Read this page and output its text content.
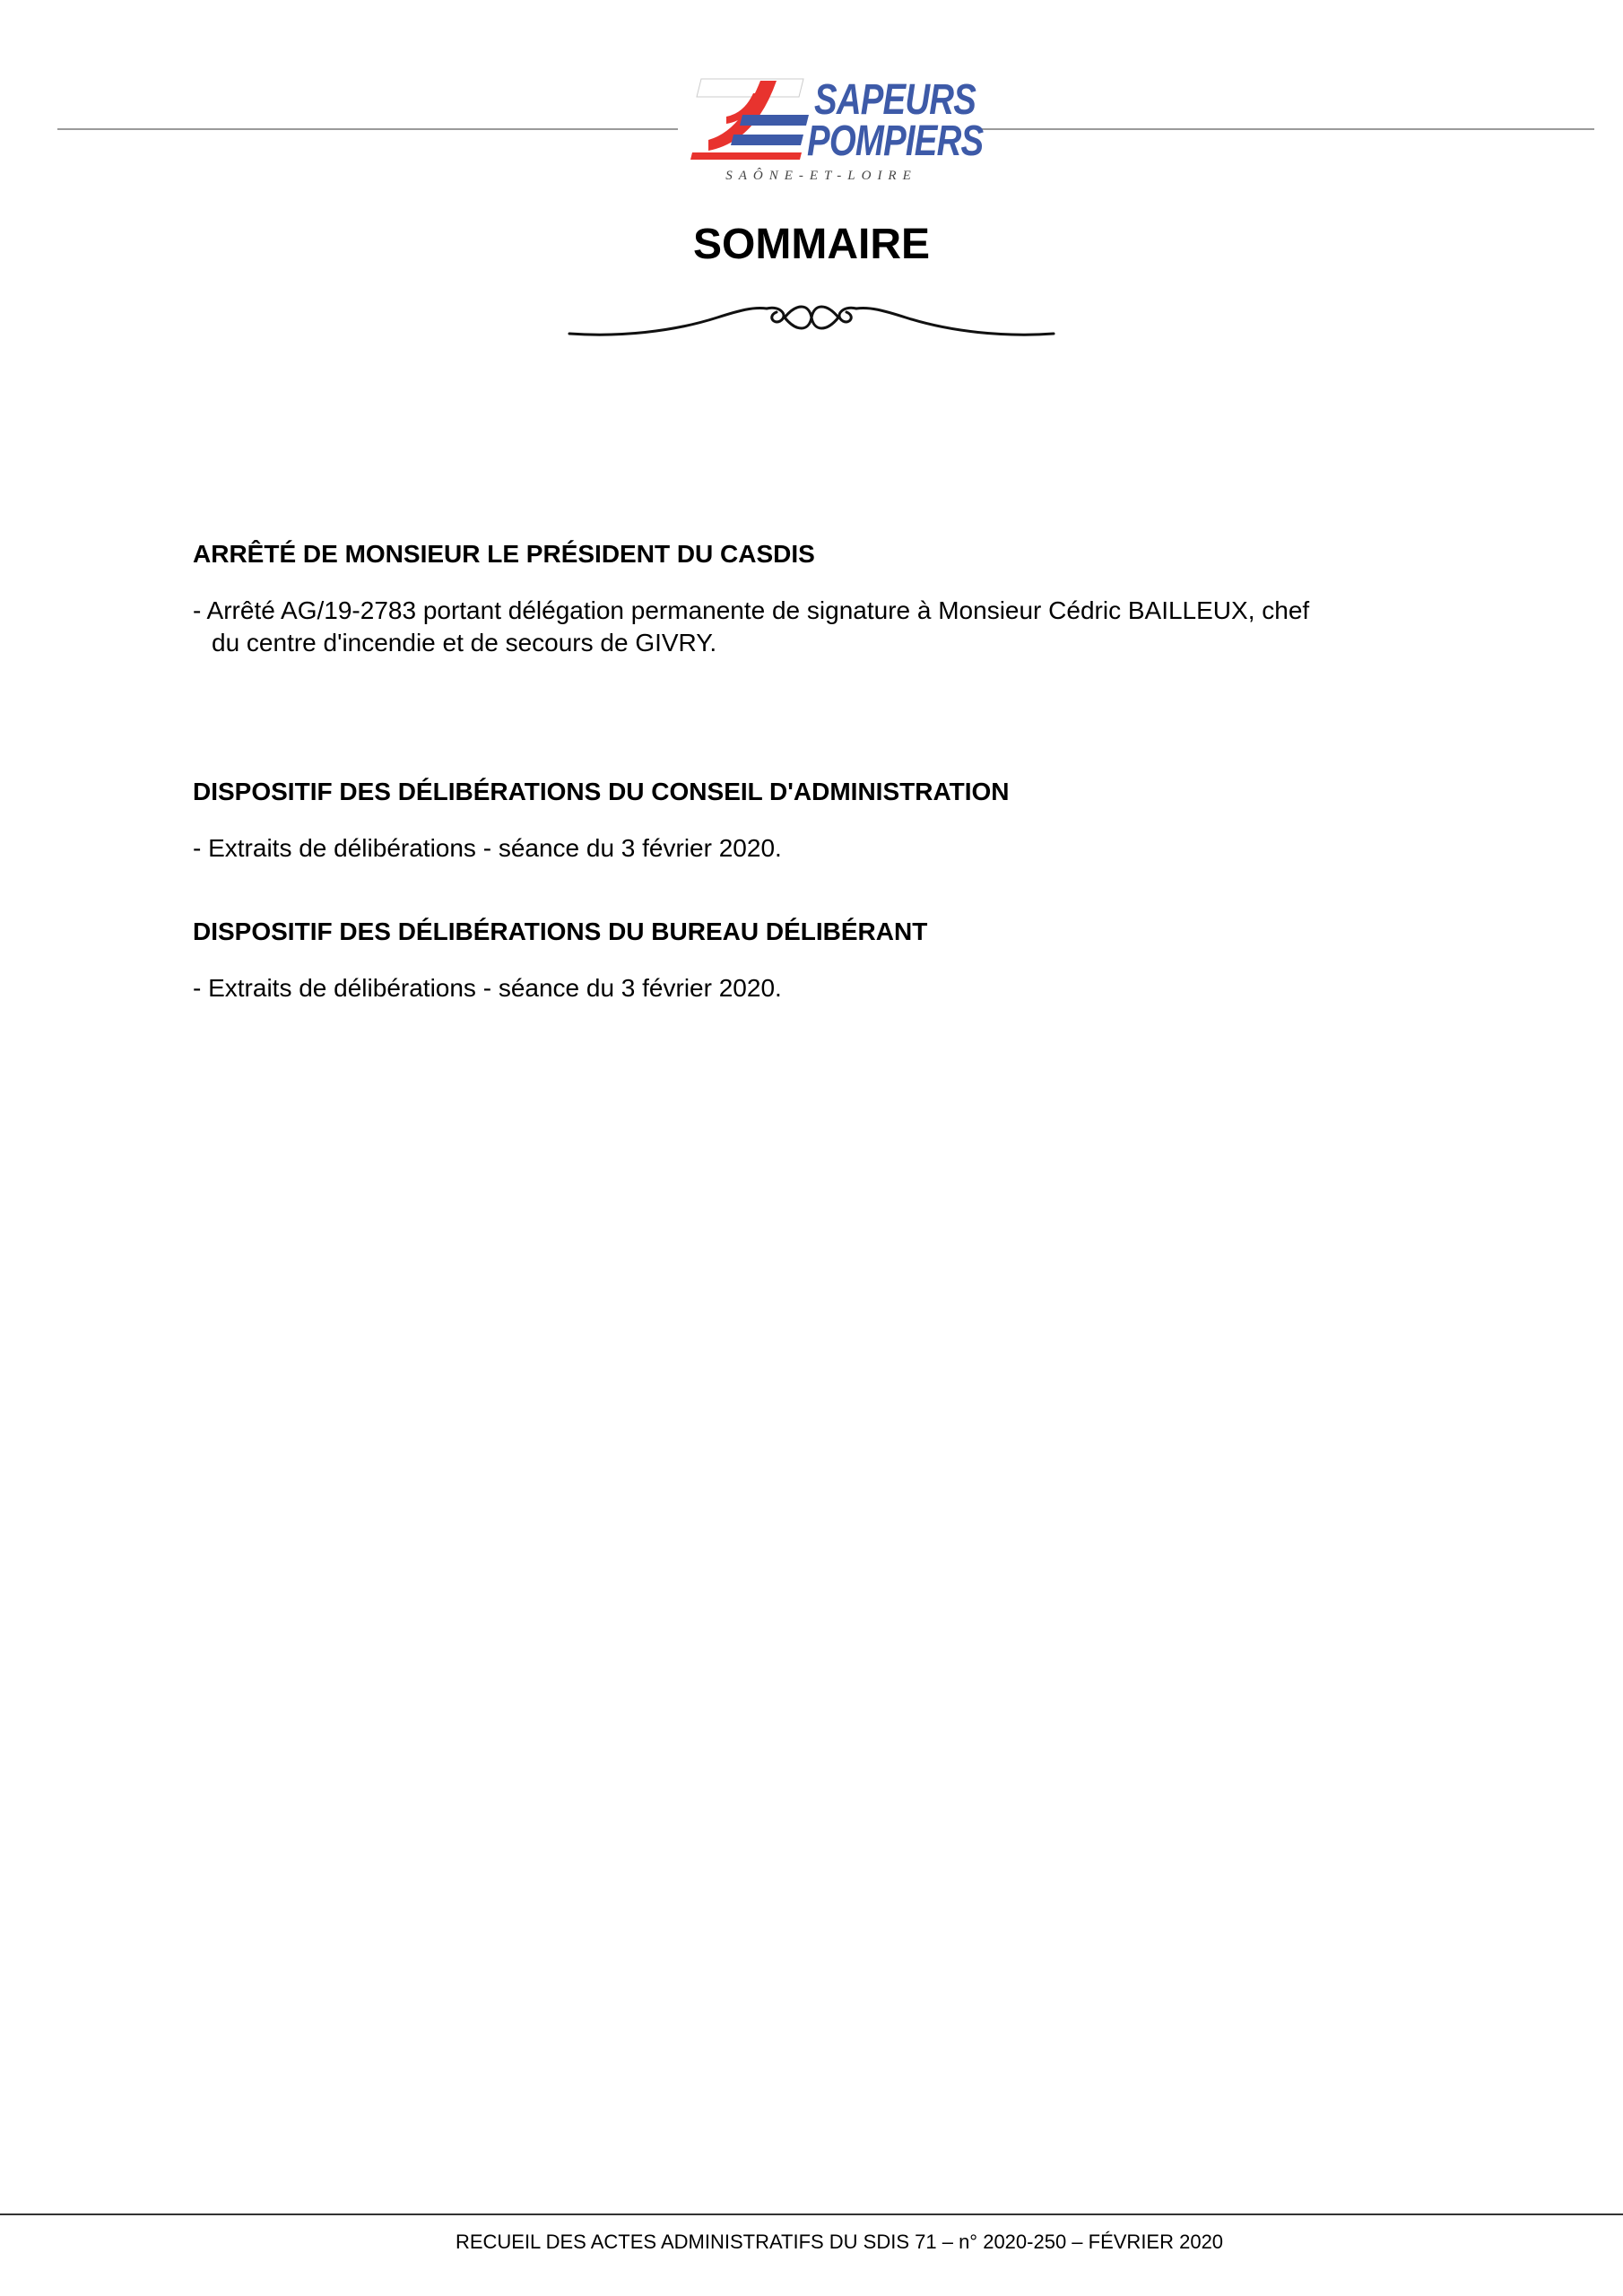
SAPEURS
POMPIERS
SAÔNE-ET-LOIRE
SOMMAIRE

ARRÊTÉ DE MONSIEUR LE PRÉSIDENT DU CASDIS

- Arrêté AG/19-2783 portant délégation permanente de signature à Monsieur Cédric BAILLEUX, chef
du centre d'incendie et de secours de GIVRY.

DISPOSITIF DES DÉLIBÉRATIONS DU CONSEIL D'ADMINISTRATION

- Extraits de délibérations - séance du 3 février 2020.

DISPOSITIF DES DÉLIBÉRATIONS DU BUREAU DÉLIBÉRANT

- Extraits de délibérations - séance du 3 février 2020.

RECUEIL DES ACTES ADMINISTRATIFS DU SDIS 71 – n° 2020-250 – FÉVRIER 2020
